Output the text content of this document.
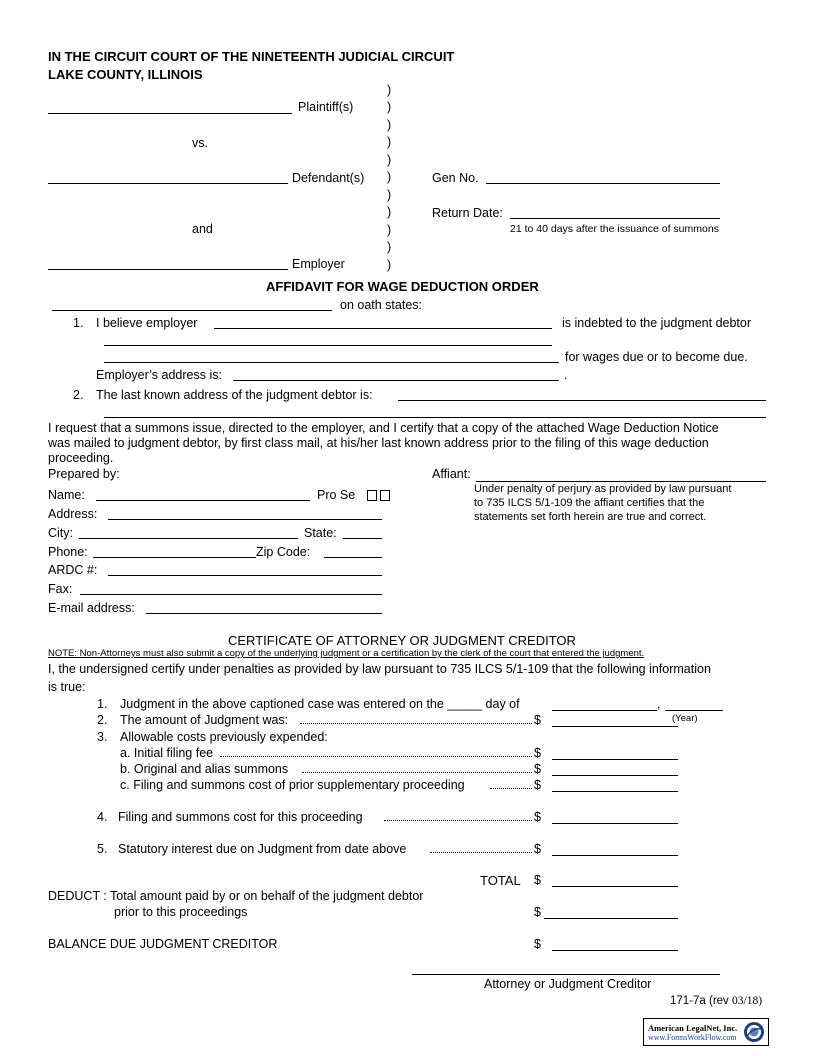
IN THE CIRCUIT COURT OF THE NINETEENTH JUDICIAL CIRCUIT
LAKE COUNTY, ILLINOIS
)
)
)
)
)
)
)
)
)
)
)
Plaintiff(s)
vs.
Defendant(s)
and
Employer
Gen No.
Return Date:
21 to 40 days after the issuance of summons
AFFIDAVIT FOR WAGE DEDUCTION ORDER
on oath states:
1. I believe employer	is indebted to the judgment debtor
for wages due or to become due.
Employer’s address is:	.
2. The last known address of the judgment debtor is:
I request that a summons issue, directed to the employer, and I certify that a copy of the attached Wage Deduction Notice
was mailed to judgment debtor, by first class mail, at his/her last known address prior to the filing of this wage deduction
proceeding.
Prepared by:
Name:	Pro Se
Address:
City:	State:
Phone:	Zip Code:
ARDC #:
Fax:
E-mail address:
Affiant:
Under penalty of perjury as provided by law pursuant
to 735 ILCS 5/1-109 the affiant certifies that the
statements set forth herein are true and correct.
CERTIFICATE OF ATTORNEY OR JUDGMENT CREDITOR
NOTE: Non-Attorneys must also submit a copy of the underlying judgment or a certification by the clerk of the court that entered the judgment.
I, the undersigned certify under penalties as provided by law pursuant to 735 ILCS 5/1-109 that the following information
is true:
1. Judgment in the above captioned case was entered on the _____ day of	,
(Year)
2. The amount of Judgment was:	$
3. Allowable costs previously expended:
a. Initial filing fee	$
b. Original and alias summons	$
c. Filing and summons cost of prior supplementary proceeding	$
4. Filing and summons cost for this proceeding	$
5. Statutory interest due on Judgment from date above	$
TOTAL $
DEDUCT : Total amount paid by or on behalf of the judgment debtor
prior to this proceedings	$
BALANCE DUE JUDGMENT CREDITOR	$
Attorney or Judgment Creditor
171-7a (rev 03/18)
American LegalNet, Inc.
www.FormsWorkFlow.com
